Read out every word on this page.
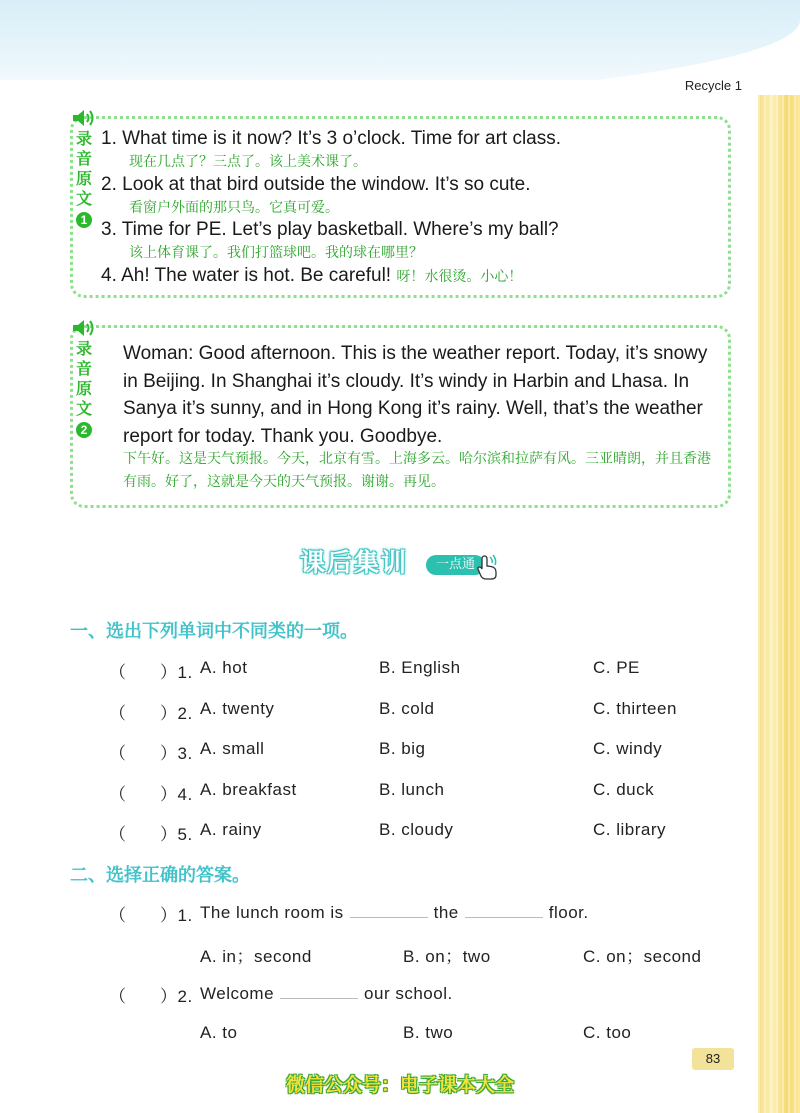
Recycle 1
录
音
原
文
1
1. What time is it now? It’s 3 o’clock. Time for art class.
现在几点了？三点了。该上美术课了。
2. Look at that bird outside the window. It’s so cute.
看窗户外面的那只鸟。它真可爱。
3. Time for PE. Let’s play basketball. Where’s my ball?
该上体育课了。我们打篮球吧。我的球在哪里？
4. Ah! The water is hot. Be careful! 呀！水很烫。小心！
录
音
原
文
2
Woman: Good afternoon. This is the weather report. Today, it’s snowy in Beijing. In Shanghai it’s cloudy. It’s windy in Harbin and Lhasa. In Sanya it’s sunny, and in Hong Kong it’s rainy. Well, that’s the weather report for today. Thank you. Goodbye.
下午好。这是天气预报。今天，北京有雪。上海多云。哈尔滨和拉萨有风。三亚晴朗，并且香港有雨。好了，这就是今天的天气预报。谢谢。再见。
课后集训	一点通
一、选出下列单词中不同类的一项。
（ ）1. A. hot	B. English	C. PE
（ ）2. A. twenty	B. cold	C. thirteen
（ ）3. A. small	B. big	C. windy
（ ）4. A. breakfast	B. lunch	C. duck
（ ）5. A. rainy	B. cloudy	C. library
二、选择正确的答案。
（ ）1. The lunch room is	the	floor.
A. in；second	B. on；two	C. on；second
（ ）2. Welcome	our school.
A. to	B. two	C. too
83
微信公众号：电子课本大全
